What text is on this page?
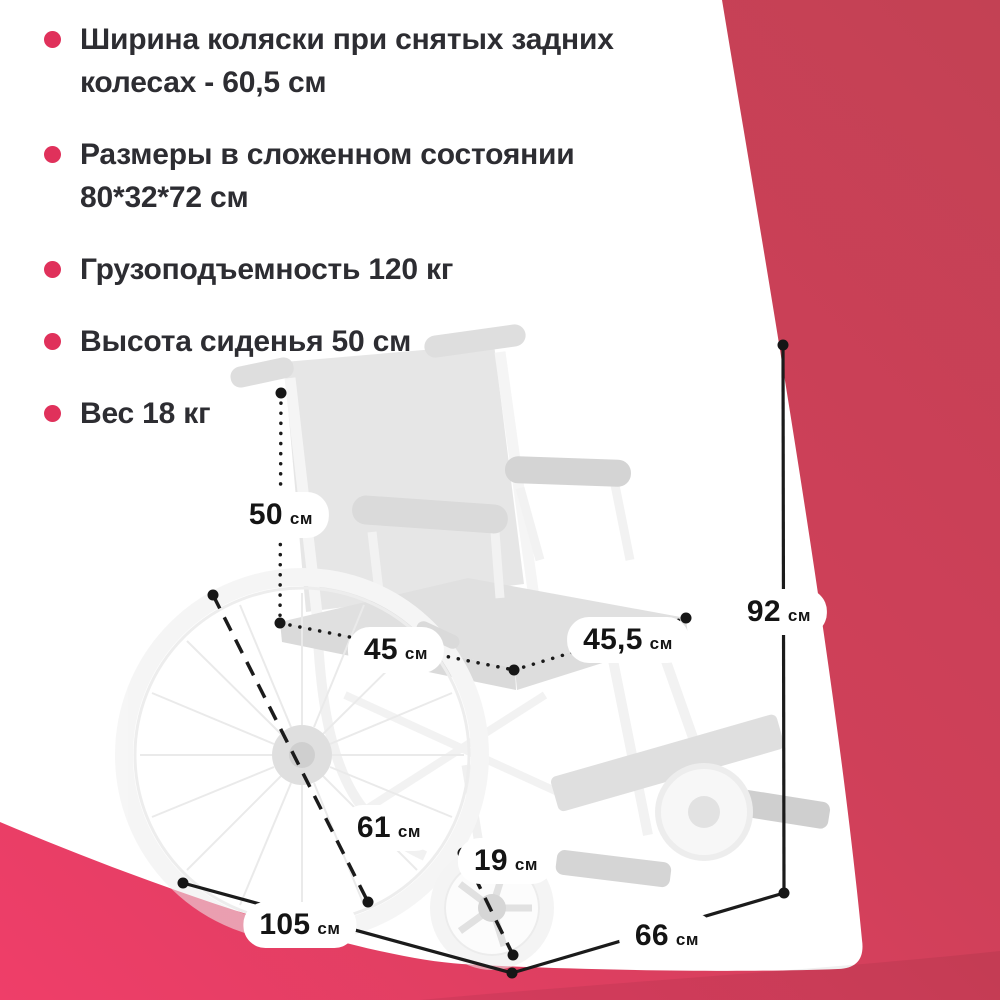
Ширина коляски при снятых задних колесах - 60,5 см
Размеры в сложенном состоянии 80*32*72 см
Грузоподъемность 120 кг
Высота сиденья 50 см
Вес 18 кг
50 см
45 см	45,5 см
92 см
61 см
19 см
105 см	66 см
